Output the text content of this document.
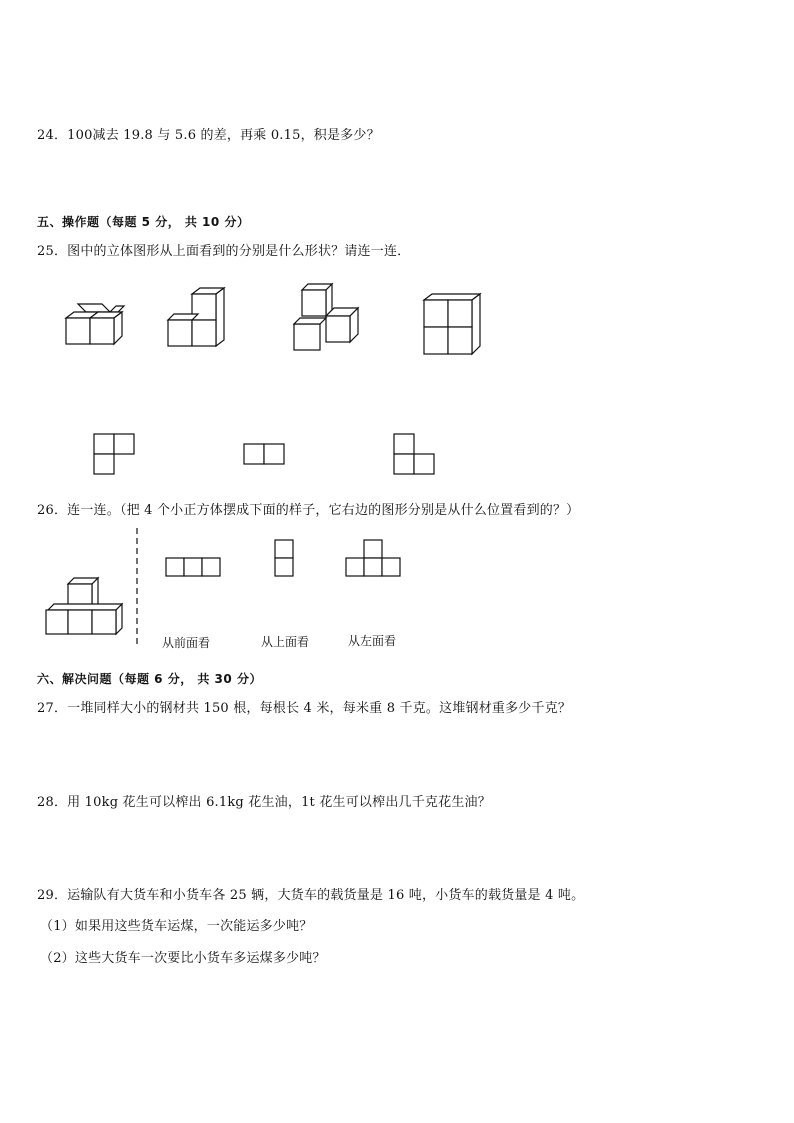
24．100减去 19.8 与 5.6 的差，再乘 0.15，积是多少？
五、操作题（每题 5 分， 共 10 分）
25．图中的立体图形从上面看到的分别是什么形状？请连一连．
26．连一连。（把 4 个小正方体摆成下面的样子，它右边的图形分别是从什么位置看到的？）
从前面看	从上面看	从左面看
六、解决问题（每题 6 分， 共 30 分）
27．一堆同样大小的钢材共 150 根，每根长 4 米，每米重 8 千克。这堆钢材重多少千克？
28．用 10kg 花生可以榨出 6.1kg 花生油，1t 花生可以榨出几千克花生油？
29．运输队有大货车和小货车各 25 辆，大货车的载货量是 16 吨，小货车的载货量是 4 吨。
（1）如果用这些货车运煤，一次能运多少吨？
（2）这些大货车一次要比小货车多运煤多少吨？
